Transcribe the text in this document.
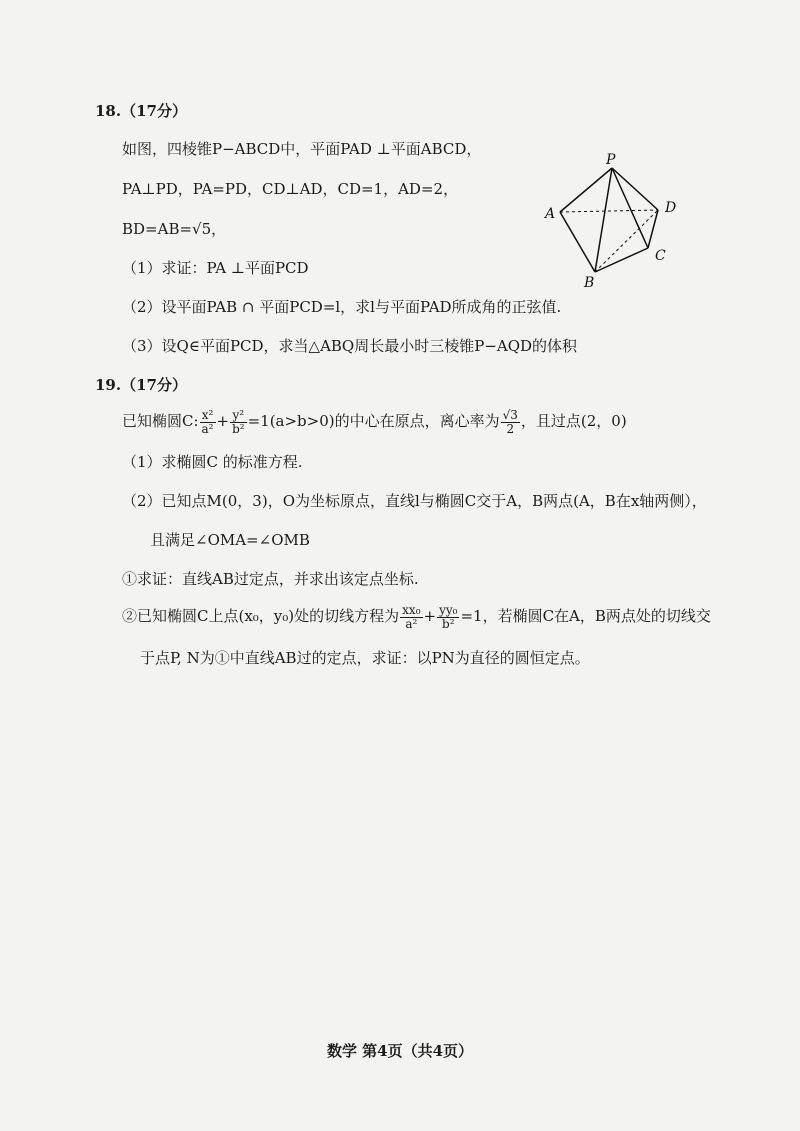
18.（17分）
如图，四棱锥P−ABCD中，平面PAD ⊥平面ABCD，
PA⊥PD，PA=PD，CD⊥AD，CD=1，AD=2，
BD=AB=√5，
（1）求证：PA ⊥平面PCD
（2）设平面PAB ∩ 平面PCD=l，求l与平面PAD所成角的正弦值.
（3）设Q∈平面PCD，求当△ABQ周长最小时三棱锥P−AQD的体积
P
A
B
C
D
19.（17分）
已知椭圆C: $\frac{\text{x²}}{\text{a²}} + \frac{\text{y²}}{\text{b²}} =1(a>b>0)$的中心在原点，离心率为 $\frac{√3}{2}$ ，且过点(2，0)
（1）求椭圆C 的标准方程.
（2）已知点M(0，3)，O为坐标原点，直线l与椭圆C交于A，B两点(A，B在x轴两侧），
且满足∠OMA=∠OMB
①求证：直线AB过定点，并求出该定点坐标.
②已知椭圆C上点(x₀，y₀)处的切线方程为 $\frac{\text{xx₀}}{\text{a²}} + \frac{\text{yy₀}}{\text{b²}} =1$，若椭圆C在A，B两点处的切线交
于点P, N为①中直线AB过的定点，求证：以PN为直径的圆恒定点。
数学 第4页（共4页）
